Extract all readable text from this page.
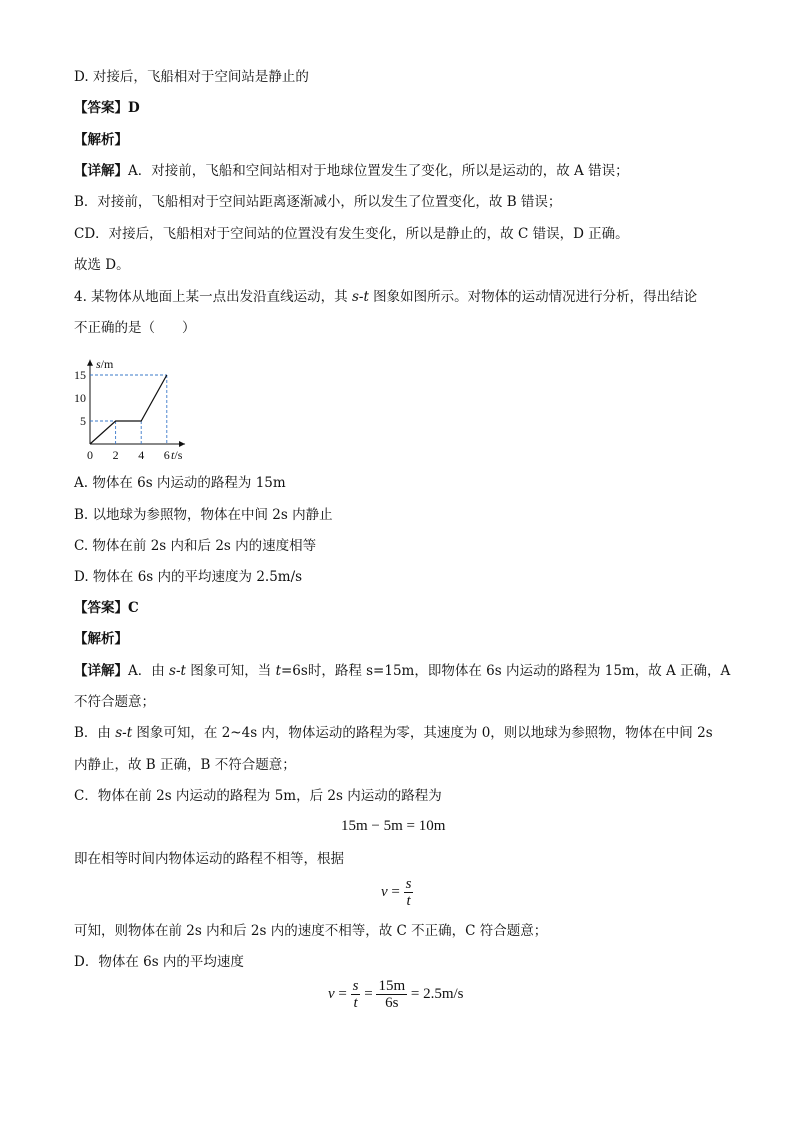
D. 对接后，飞船相对于空间站是静止的
【答案】D
【解析】
【详解】A．对接前，飞船和空间站相对于地球位置发生了变化，所以是运动的，故 A 错误；
B．对接前，飞船相对于空间站距离逐渐减小，所以发生了位置变化，故 B 错误；
CD．对接后，飞船相对于空间站的位置没有发生变化，所以是静止的，故 C 错误，D 正确。
故选 D。
4. 某物体从地面上某一点出发沿直线运动，其 s-t 图象如图所示。对物体的运动情况进行分析，得出结论
不正确的是（　　）
0 2 4 6
5
10
15
s/m
t/s
A. 物体在 6s 内运动的路程为 15m
B. 以地球为参照物，物体在中间 2s 内静止
C. 物体在前 2s 内和后 2s 内的速度相等
D. 物体在 6s 内的平均速度为 2.5m/s
【答案】C
【解析】
【详解】A．由 s-t 图象可知，当 t=6s时，路程 s=15m，即物体在 6s 内运动的路程为 15m，故 A 正确，A
不符合题意；
B．由 s-t 图象可知，在 2~4s 内，物体运动的路程为零，其速度为 0，则以地球为参照物，物体在中间 2s
内静止，故 B 正确，B 不符合题意；
C．物体在前 2s 内运动的路程为 5m，后 2s 内运动的路程为
15m − 5m = 10m
即在相等时间内物体运动的路程不相等，根据
$v = \frac{s}{t}$
可知，则物体在前 2s 内和后 2s 内的速度不相等，故 C 不正确，C 符合题意；
D．物体在 6s 内的平均速度
$v = \frac{s}{t} = \frac{15m}{6s} = 2.5m/s$
